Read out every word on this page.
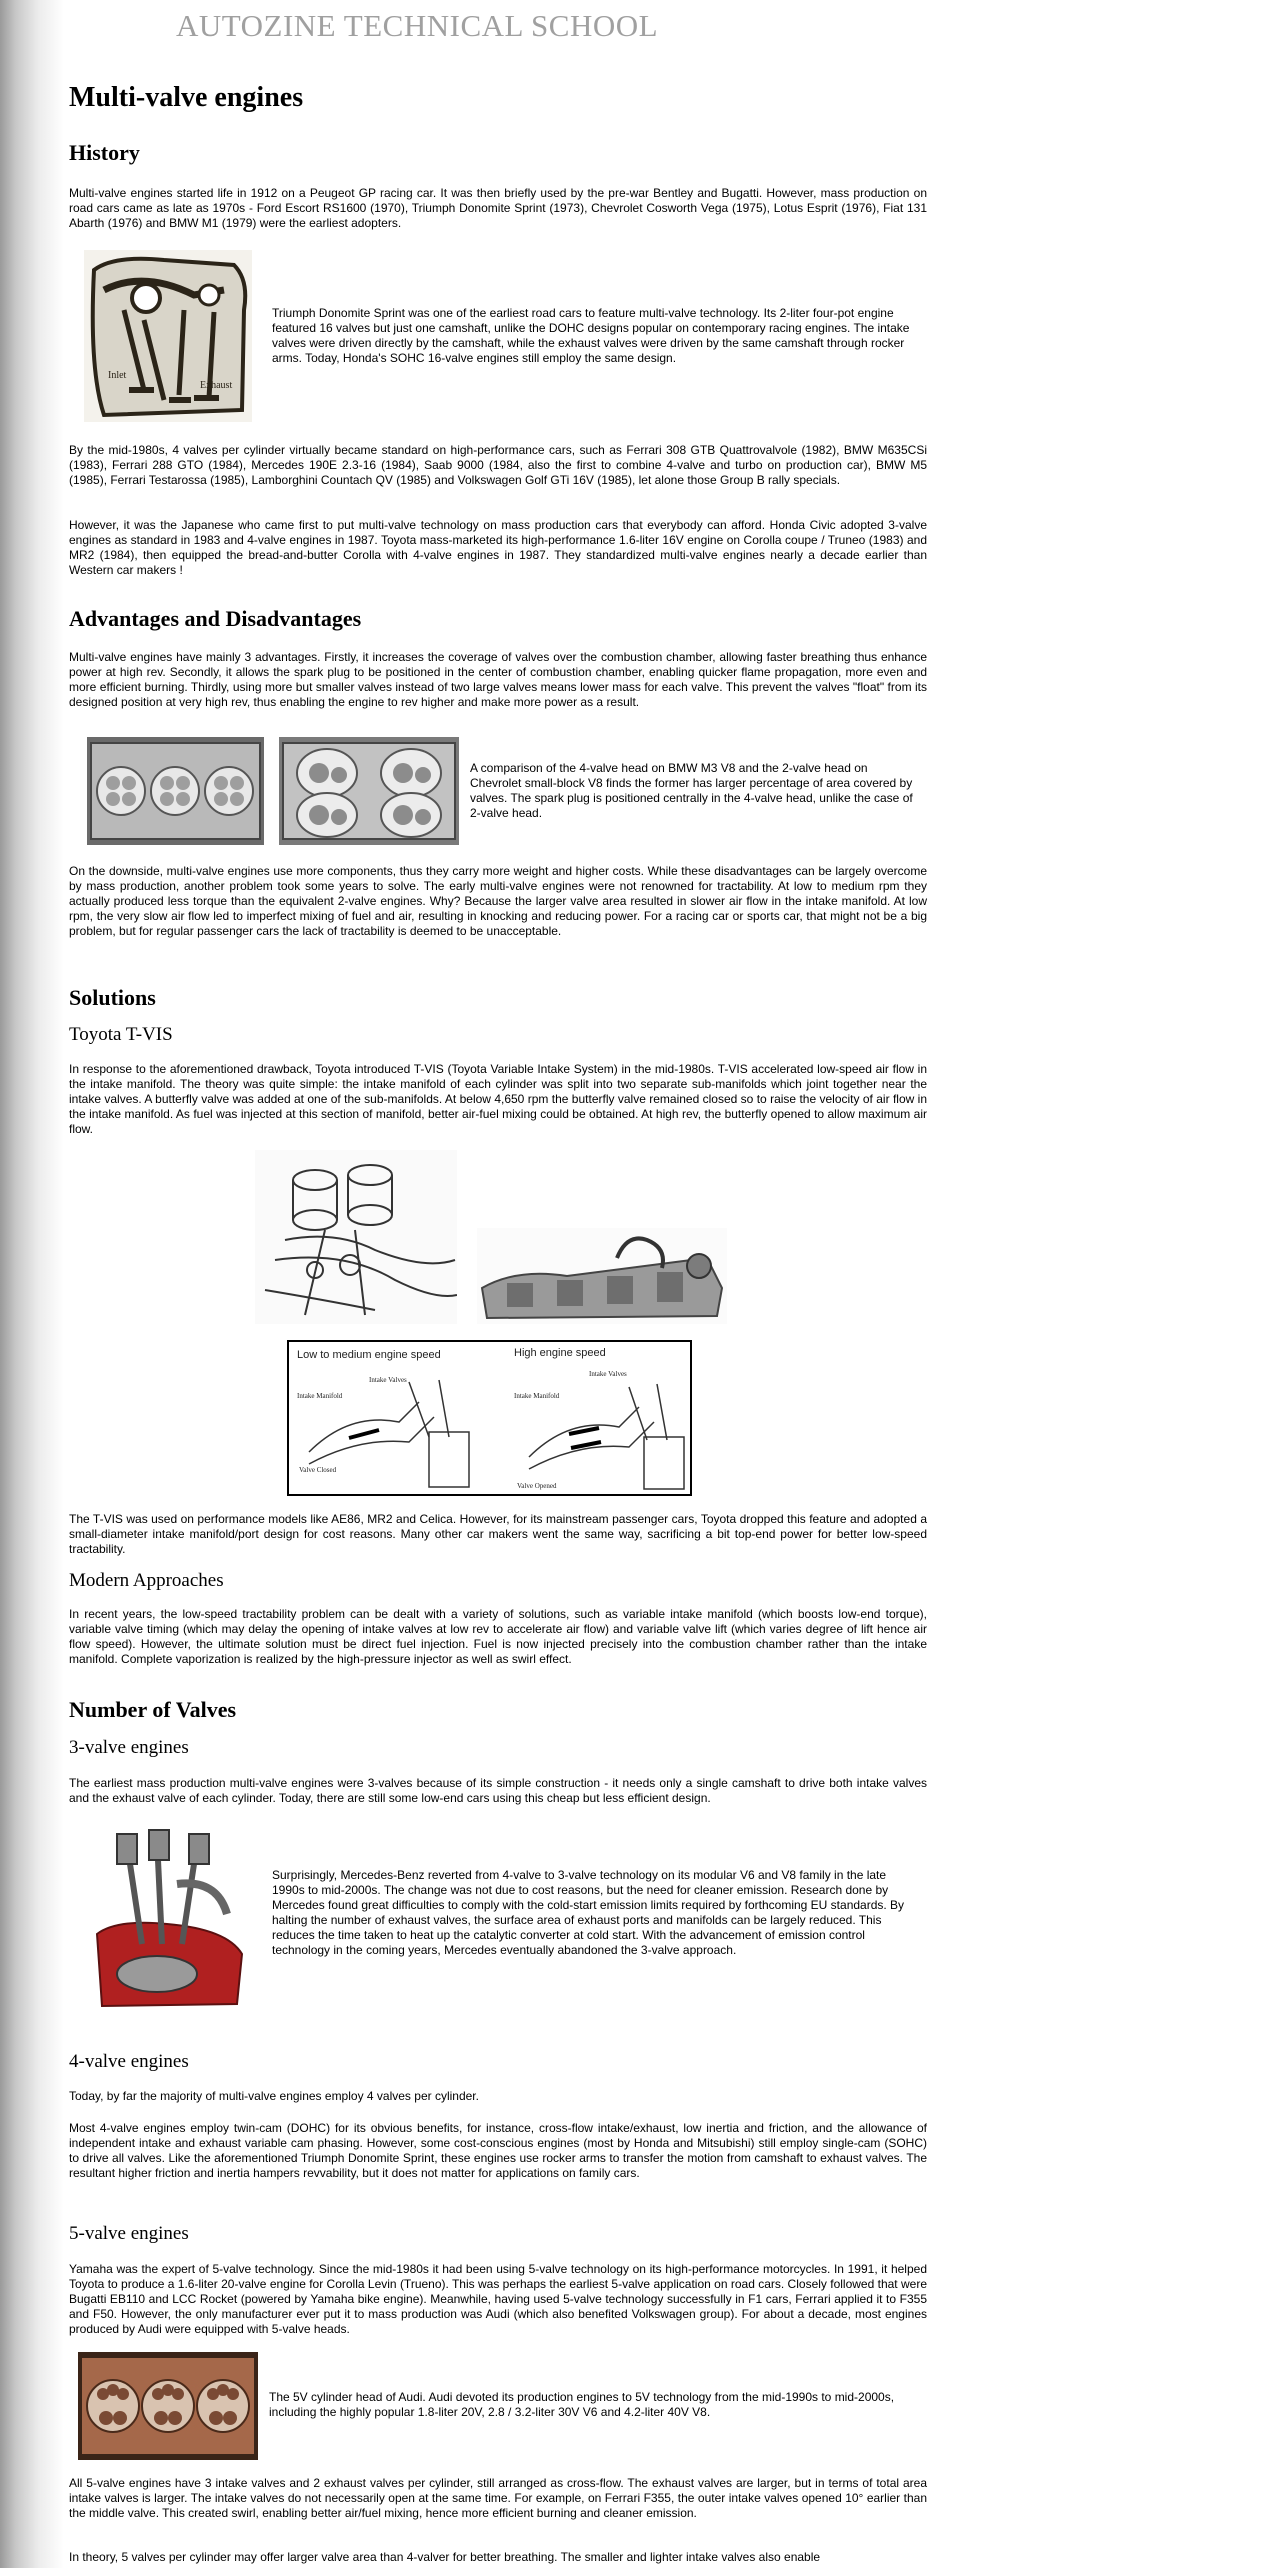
AUTOZINE TECHNICAL SCHOOL
Multi-valve engines
History

Multi-valve engines started life in 1912 on a Peugeot GP racing car. It was then briefly used by the pre-war Bentley and Bugatti. However, mass production on road cars came as late as 1970s - Ford Escort RS1600 (1970), Triumph Donomite Sprint (1973), Chevrolet Cosworth Vega (1975), Lotus Esprit (1976), Fiat 131 Abarth (1976) and BMW M1 (1979) were the earliest adopters.

Inlet
Exhaust

Triumph Donomite Sprint was one of the earliest road cars to feature multi-valve technology. Its 2-liter four-pot engine featured 16 valves but just one camshaft, unlike the DOHC designs popular on contemporary racing engines. The intake valves were driven directly by the camshaft, while the exhaust valves were driven by the same camshaft through rocker arms. Today, Honda's SOHC 16-valve engines still employ the same design.

By the mid-1980s, 4 valves per cylinder virtually became standard on high-performance cars, such as Ferrari 308 GTB Quattrovalvole (1982), BMW M635CSi (1983), Ferrari 288 GTO (1984), Mercedes 190E 2.3-16 (1984), Saab 9000 (1984, also the first to combine 4-valve and turbo on production car), BMW M5 (1985), Ferrari Testarossa (1985), Lamborghini Countach QV (1985) and Volkswagen Golf GTi 16V (1985), let alone those Group B rally specials.

However, it was the Japanese who came first to put multi-valve technology on mass production cars that everybody can afford. Honda Civic adopted 3-valve engines as standard in 1983 and 4-valve engines in 1987. Toyota mass-marketed its high-performance 1.6-liter 16V engine on Corolla coupe / Truneo (1983) and MR2 (1984), then equipped the bread-and-butter Corolla with 4-valve engines in 1987. They standardized multi-valve engines nearly a decade earlier than Western car makers !

Advantages and Disadvantages

Multi-valve engines have mainly 3 advantages. Firstly, it increases the coverage of valves over the combustion chamber, allowing faster breathing thus enhance power at high rev. Secondly, it allows the spark plug to be positioned in the center of combustion chamber, enabling quicker flame propagation, more even and more efficient burning. Thirdly, using more but smaller valves instead of two large valves means lower mass for each valve. This prevent the valves "float" from its designed position at very high rev, thus enabling the engine to rev higher and make more power as a result.

A comparison of the 4-valve head on BMW M3 V8 and the 2-valve head on Chevrolet small-block V8 finds the former has larger percentage of area covered by valves. The spark plug is positioned centrally in the 4-valve head, unlike the case of 2-valve head.

On the downside, multi-valve engines use more components, thus they carry more weight and higher costs. While these disadvantages can be largely overcome by mass production, another problem took some years to solve. The early multi-valve engines were not renowned for tractability. At low to medium rpm they actually produced less torque than the equivalent 2-valve engines. Why? Because the larger valve area resulted in slower air flow in the intake manifold. At low rpm, the very slow air flow led to imperfect mixing of fuel and air, resulting in knocking and reducing power. For a racing car or sports car, that might not be a big problem, but for regular passenger cars the lack of tractability is deemed to be unacceptable.

Solutions
Toyota T-VIS

In response to the aforementioned drawback, Toyota introduced T-VIS (Toyota Variable Intake System) in the mid-1980s. T-VIS accelerated low-speed air flow in the intake manifold. The theory was quite simple: the intake manifold of each cylinder was split into two separate sub-manifolds which joint together near the intake valves. A butterfly valve was added at one of the sub-manifolds. At below 4,650 rpm the butterfly valve remained closed so to raise the velocity of air flow in the intake manifold. As fuel was injected at this section of manifold, better air-fuel mixing could be obtained. At high rev, the butterfly opened to allow maximum air flow.

Low to medium engine speed	High engine speed
Intake Valves
Intake Manifold
Valve Closed
Intake Valves
Intake Manifold
Valve Opened

The T-VIS was used on performance models like AE86, MR2 and Celica. However, for its mainstream passenger cars, Toyota dropped this feature and adopted a small-diameter intake manifold/port design for cost reasons. Many other car makers went the same way, sacrificing a bit top-end power for better low-speed tractability.

Modern Approaches

In recent years, the low-speed tractability problem can be dealt with a variety of solutions, such as variable intake manifold (which boosts low-end torque), variable valve timing (which may delay the opening of intake valves at low rev to accelerate air flow) and variable valve lift (which varies degree of lift hence air flow speed). However, the ultimate solution must be direct fuel injection. Fuel is now injected precisely into the combustion chamber rather than the intake manifold. Complete vaporization is realized by the high-pressure injector as well as swirl effect.

Number of Valves
3-valve engines

The earliest mass production multi-valve engines were 3-valves because of its simple construction - it needs only a single camshaft to drive both intake valves and the exhaust valve of each cylinder. Today, there are still some low-end cars using this cheap but less efficient design.

Surprisingly, Mercedes-Benz reverted from 4-valve to 3-valve technology on its modular V6 and V8 family in the late 1990s to mid-2000s. The change was not due to cost reasons, but the need for cleaner emission. Research done by Mercedes found great difficulties to comply with the cold-start emission limits required by forthcoming EU standards. By halting the number of exhaust valves, the surface area of exhaust ports and manifolds can be largely reduced. This reduces the time taken to heat up the catalytic converter at cold start. With the advancement of emission control technology in the coming years, Mercedes eventually abandoned the 3-valve approach.

4-valve engines

Today, by far the majority of multi-valve engines employ 4 valves per cylinder.

Most 4-valve engines employ twin-cam (DOHC) for its obvious benefits, for instance, cross-flow intake/exhaust, low inertia and friction, and the allowance of independent intake and exhaust variable cam phasing. However, some cost-conscious engines (most by Honda and Mitsubishi) still employ single-cam (SOHC) to drive all valves. Like the aforementioned Triumph Donomite Sprint, these engines use rocker arms to transfer the motion from camshaft to exhaust valves. The resultant higher friction and inertia hampers revvability, but it does not matter for applications on family cars.

5-valve engines

Yamaha was the expert of 5-valve technology. Since the mid-1980s it had been using 5-valve technology on its high-performance motorcycles. In 1991, it helped Toyota to produce a 1.6-liter 20-valve engine for Corolla Levin (Trueno). This was perhaps the earliest 5-valve application on road cars. Closely followed that were Bugatti EB110 and LCC Rocket (powered by Yamaha bike engine). Meanwhile, having used 5-valve technology successfully in F1 cars, Ferrari applied it to F355 and F50. However, the only manufacturer ever put it to mass production was Audi (which also benefited Volkswagen group). For about a decade, most engines produced by Audi were equipped with 5-valve heads.

The 5V cylinder head of Audi. Audi devoted its production engines to 5V technology from the mid-1990s to mid-2000s, including the highly popular 1.8-liter 20V, 2.8 / 3.2-liter 30V V6 and 4.2-liter 40V V8.

All 5-valve engines have 3 intake valves and 2 exhaust valves per cylinder, still arranged as cross-flow. The exhaust valves are larger, but in terms of total area intake valves is larger. The intake valves do not necessarily open at the same time. For example, on Ferrari F355, the outer intake valves opened 10° earlier than the middle valve. This created swirl, enabling better air/fuel mixing, hence more efficient burning and cleaner emission.

In theory, 5 valves per cylinder may offer larger valve area than 4-valver for better breathing. The smaller and lighter intake valves also enable
